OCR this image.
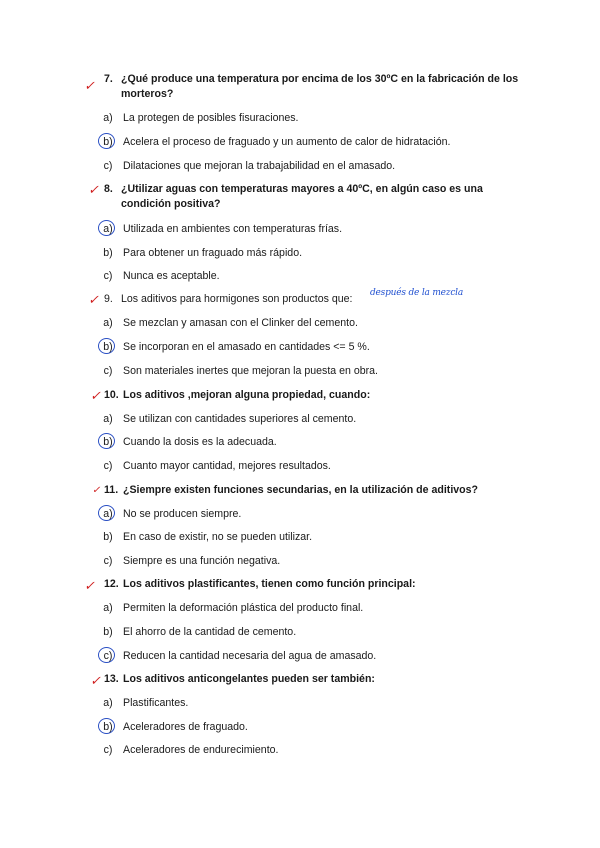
✓ 7. ¿Qué produce una temperatura por encima de los 30ºC en la fabricación de los morteros?
a) La protegen de posibles fisuraciones.
b) Acelera el proceso de fraguado y un aumento de calor de hidratación.
c) Dilataciones que mejoran la trabajabilidad en el amasado.
✓ 8. ¿Utilizar aguas con temperaturas mayores a 40ºC, en algún caso es una condición positiva?
a) Utilizada en ambientes con temperaturas frías.
b) Para obtener un fraguado más rápido.
c) Nunca es aceptable.
✓ 9. Los aditivos para hormigones son productos que:	después de la mezcla
a) Se mezclan y amasan con el Clinker del cemento.
b) Se incorporan en el amasado en cantidades <= 5 %.
c) Son materiales inertes que mejoran la puesta en obra.
✓ 10. Los aditivos ,mejoran alguna propiedad, cuando:
a) Se utilizan con cantidades superiores al cemento.
b) Cuando la dosis es la adecuada.
c) Cuanto mayor cantidad, mejores resultados.
✓ 11. ¿Siempre existen funciones secundarias, en la utilización de aditivos?
a) No se producen siempre.
b) En caso de existir, no se pueden utilizar.
c) Siempre es una función negativa.
✓ 12. Los aditivos plastificantes, tienen como función principal:
a) Permiten la deformación plástica del producto final.
b) El ahorro de la cantidad de cemento.
c) Reducen la cantidad necesaria del agua de amasado.
✓ 13. Los aditivos anticongelantes pueden ser también:
a) Plastificantes.
b) Aceleradores de fraguado.
c) Aceleradores de endurecimiento.
